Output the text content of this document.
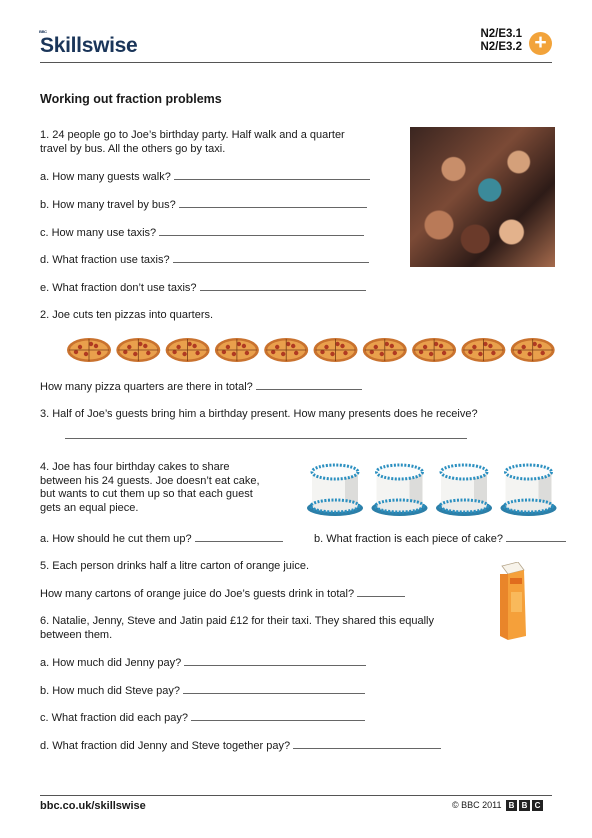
BBC
Skillswise	N2/E3.1
N2/E3.2 +
Working out fraction problems
1. 24 people go to Joe’s birthday party. Half walk and a quarter
travel by bus. All the others go by taxi.
a. How many guests walk?
b. How many travel by bus?
c. How many use taxis?
d. What fraction use taxis?
e. What fraction don’t use taxis?
2. Joe cuts ten pizzas into quarters.
How many pizza quarters are there in total?
3. Half of Joe’s guests bring him a birthday present. How many presents does he receive?
4. Joe has four birthday cakes to share
between his 24 guests. Joe doesn’t eat cake,
but wants to cut them up so that each guest
gets an equal piece.
a. How should he cut them up?	b. What fraction is each piece of cake?
5. Each person drinks half a litre carton of orange juice.
How many cartons of orange juice do Joe’s guests drink in total?
6. Natalie, Jenny, Steve and Jatin paid £12 for their taxi. They shared this equally
between them.
a. How much did Jenny pay?
b. How much did Steve pay?
c. What fraction did each pay?
d. What fraction did Jenny and Steve together pay?
bbc.co.uk/skillswise	© BBC 2011 B B C
